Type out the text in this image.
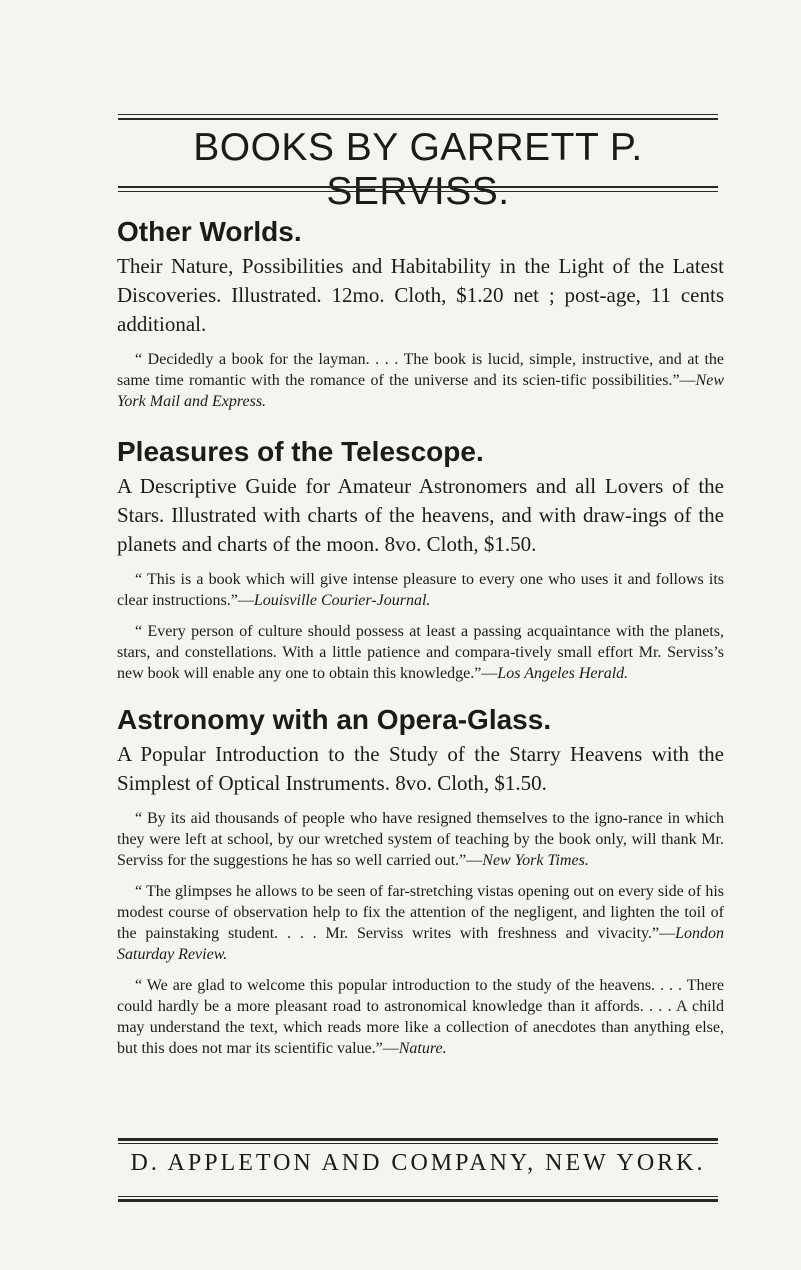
BOOKS BY GARRETT P.
Other Worlds.

Their Nature, Possibilities and Habitability in the Light of the Latest Discoveries. Illustrated. 12mo. Cloth, $1.20 net ; post-age, 11 cents additional.

“ Decidedly a book for the layman. . . . The book is lucid, simple, instructive, and at the same time romantic with the romance of the universe and its scien-tific possibilities.”—New York Mail and Express.

Pleasures of the Telescope.

A Descriptive Guide for Amateur Astronomers and all Lovers of the Stars. Illustrated with charts of the heavens, and with draw-ings of the planets and charts of the moon. 8vo. Cloth, $1.50.

“ This is a book which will give intense pleasure to every one who uses it and follows its clear instructions.”—Louisville Courier-Journal.

“ Every person of culture should possess at least a passing acquaintance with the planets, stars, and constellations. With a little patience and compara-tively small effort Mr. Serviss’s new book will enable any one to obtain this knowledge.”—Los Angeles Herald.

Astronomy with an Opera-Glass.

A Popular Introduction to the Study of the Starry Heavens with the Simplest of Optical Instruments. 8vo. Cloth, $1.50.

“ By its aid thousands of people who have resigned themselves to the igno-rance in which they were left at school, by our wretched system of teaching by the book only, will thank Mr. Serviss for the suggestions he has so well carried out.”—New York Times.

“ The glimpses he allows to be seen of far-stretching vistas opening out on every side of his modest course of observation help to fix the attention of the negligent, and lighten the toil of the painstaking student. . . . Mr. Serviss writes with freshness and vivacity.”—London Saturday Review.

“ We are glad to welcome this popular introduction to the study of the heavens. . . . There could hardly be a more pleasant road to astronomical knowledge than it affords. . . . A child may understand the text, which reads more like a collection of anecdotes than anything else, but this does not mar its scientific value.”—Nature.

D. APPLETON AND COMPANY, NEW YORK.
